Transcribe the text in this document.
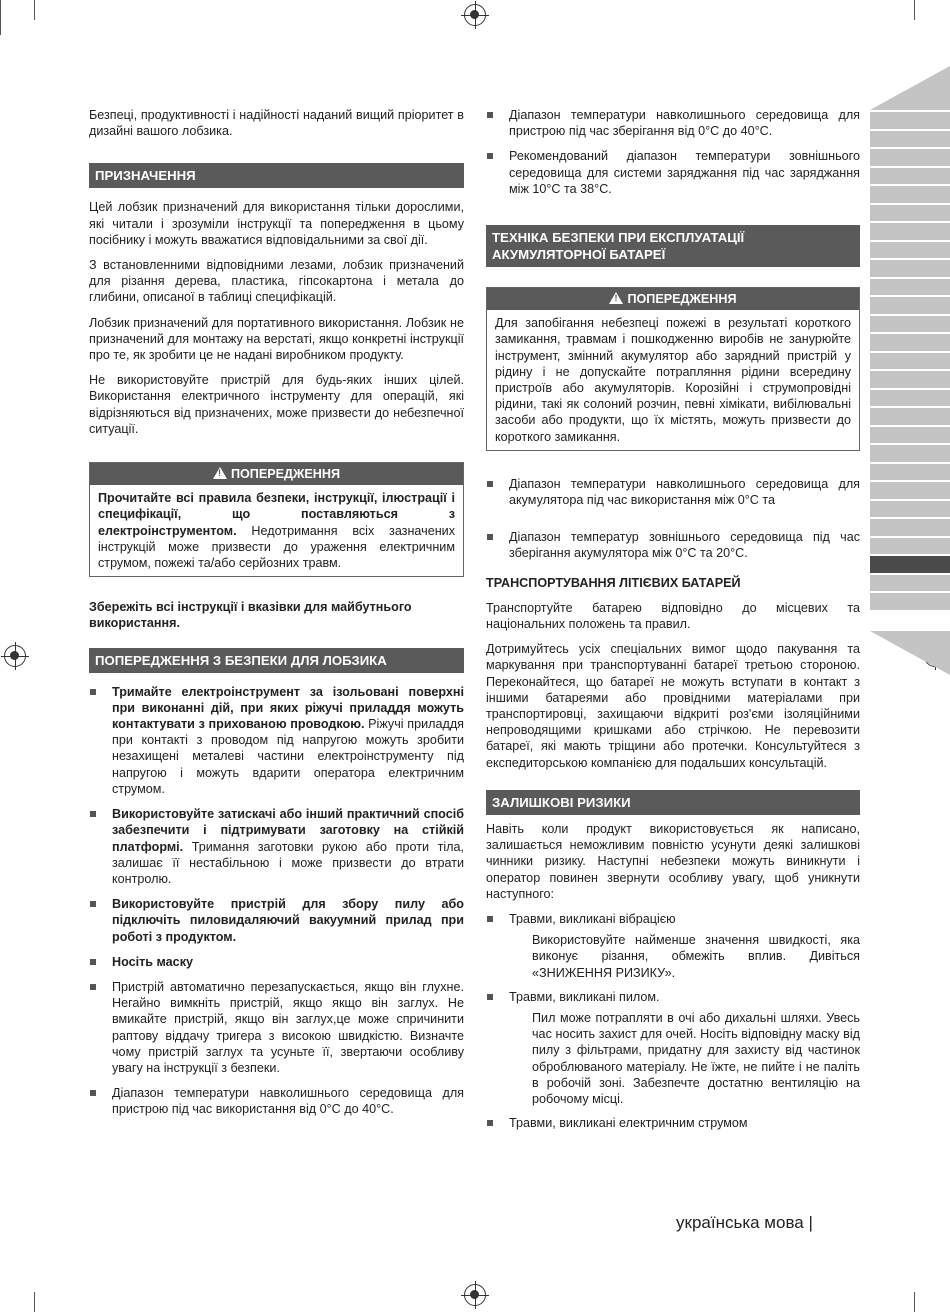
Безпеці, продуктивності і надійності наданий вищий пріоритет в дизайні вашого лобзика.

ПРИЗНАЧЕННЯ

Цей лобзик призначений для використання тільки дорослими, які читали і зрозуміли інструкції та попередження в цьому посібнику і можуть вважатися відповідальними за свої дії.

З встановленними відповідними лезами, лобзик призначений для різання дерева, пластика, гіпсокартона і метала до глибини, описаної в таблиці специфікацій.

Лобзик призначений для портативного використання. Лобзик не призначений для монтажу на верстаті, якщо конкретні інструкції про те, як зробити це не надані виробником продукту.

Не використовуйте пристрій для будь-яких інших цілей. Використання електричного інструменту для операцій, які відрізняються від призначених, може призвести до небезпечної ситуації.

!ПОПЕРЕДЖЕННЯ
Прочитайте всі правила безпеки, інструкції, ілюстрації і специфікації, що поставляються з електроінструментом. Недотримання всіх зазначених інструкцій може призвести до ураження електричним струмом, пожежі та/або серйозних травм.

Збережіть всі інструкції і вказівки для майбутнього використання.

ПОПЕРЕДЖЕННЯ З БЕЗПЕКИ ДЛЯ ЛОБЗИКА
Тримайте електроінструмент за ізольовані поверхні при виконанні дій, при яких ріжучі приладдя можуть контактувати з прихованою проводкою. Ріжучі приладдя при контакті з проводом під напругою можуть зробити незахищені металеві частини електроінструменту під напругою і можуть вдарити оператора електричним струмом.
Використовуйте затискачі або інший практичний спосіб забезпечити і підтримувати заготовку на стійкій платформі. Тримання заготовки рукою або проти тіла, залишає її нестабільною і може призвести до втрати контролю.
Використовуйте пристрій для збору пилу або підключіть пиловидаляючий вакуумний прилад при роботі з продуктом.
Носіть маску
Пристрій автоматично перезапускається, якщо він глухне. Негайно вимкніть пристрій, якщо якщо він заглух. Не вмикайте пристрій, якщо він заглух,це може спричинити раптову віддачу тригера з високою швидкістю. Визначте чому пристрій заглух та усуньте її, звертаючи особливу увагу на інструкції з безпеки.
Діапазон температури навколишнього середовища для пристрою під час використання від 0°C до 40°C.
Діапазон температури навколишнього середовища для пристрою під час зберігання від 0°C до 40°C.
Рекомендований діапазон температури зовнішнього середовища для системи заряджання під час заряджання між 10°C та 38°C.
ТЕХНІКА БЕЗПЕКИ ПРИ ЕКСПЛУАТАЦІЇ АКУМУЛЯТОРНОЇ БАТАРЕЇ
!ПОПЕРЕДЖЕННЯ
Для запобігання небезпеці пожежі в результаті короткого замикання, травмам і пошкодженню виробів не занурюйте інструмент, змінний акумулятор або зарядний пристрій у рідину і не допускайте потрапляння рідини всередину пристроїв або акумуляторів. Корозійні і струмопровідні рідини, такі як солоний розчин, певні хімікати, вибілювальні засоби або продукти, що їх містять, можуть призвести до короткого замикання.
Діапазон температури навколишнього середовища для акумулятора під час використання між 0°C та
Діапазон температур зовнішнього середовища під час зберігання акумулятора між 0°C та 20°C.

ТРАНСПОРТУВАННЯ ЛІТІЄВИХ БАТАРЕЙ

Транспортуйте батарею відповідно до місцевих та національних положень та правил.

Дотримуйтесь усіх спеціальних вимог щодо пакування та маркування при транспортуванні батареї третьою стороною. Переконайтеся, що батареї не можуть вступати в контакт з іншими батареями або провідними матеріалами при транспортировці, захищаючи відкриті роз'єми ізоляційними непроводящими кришками або стрічкою. Не перевозити батареї, які мають тріщини або протечки. Консультуйтеся з експедиторською компанією для подальших консультацій.

ЗАЛИШКОВІ РИЗИКИ

Навіть коли продукт використовується як написано, залишається неможливим повністю усунути деякі залишкові чинники ризику. Наступні небезпеки можуть виникнути і оператор повинен звернути особливу увагу, щоб уникнути наступного:

Травми, викликані вібрацією
Використовуйте найменше значення швидкості, яка виконує різання, обмежіть вплив. Дивіться «ЗНИЖЕННЯ РИЗИКУ».
Травми, викликані пилом.
Пил може потрапляти в очі або дихальні шляхи. Увесь час носить захист для очей. Носіть відповідну маску від пилу з фільтрами, придатну для захисту від частинок оброблюваного матеріалу. Не їжте, не пийте і не паліть в робочій зоні. Забезпечте достатню вентиляцію на робочому місці.
Травми, викликані електричним струмом
українська мова |
